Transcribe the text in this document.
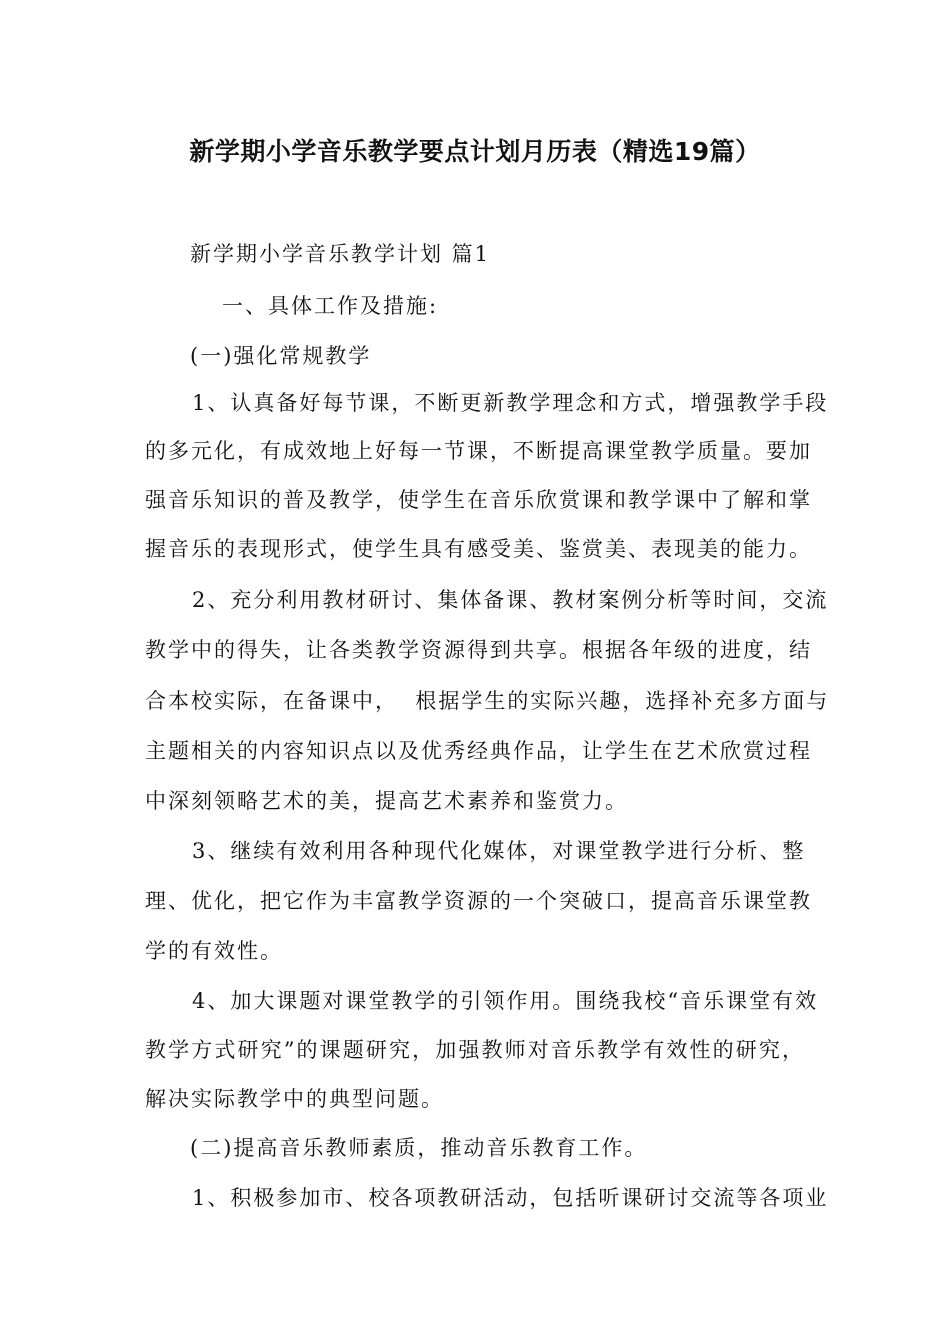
新学期小学音乐教学要点计划月历表（精选19篇）

新学期小学音乐教学计划 篇1

一、具体工作及措施:

(一)强化常规教学

1、认真备好每节课，不断更新教学理念和方式，增强教学手段

的多元化，有成效地上好每一节课，不断提高课堂教学质量。要加

强音乐知识的普及教学，使学生在音乐欣赏课和教学课中了解和掌

握音乐的表现形式，使学生具有感受美、鉴赏美、表现美的能力。

2、充分利用教材研讨、集体备课、教材案例分析等时间，交流

教学中的得失，让各类教学资源得到共享。根据各年级的进度，结

合本校实际，在备课中，  根据学生的实际兴趣，选择补充多方面与

主题相关的内容知识点以及优秀经典作品，让学生在艺术欣赏过程

中深刻领略艺术的美，提高艺术素养和鉴赏力。

3、继续有效利用各种现代化媒体，对课堂教学进行分析、整

理、优化，把它作为丰富教学资源的一个突破口，提高音乐课堂教

学的有效性。

4、加大课题对课堂教学的引领作用。围绕我校“音乐课堂有效

教学方式研究”的课题研究，加强教师对音乐教学有效性的研究，

解决实际教学中的典型问题。

(二)提高音乐教师素质，推动音乐教育工作。

1、积极参加市、校各项教研活动，包括听课研讨交流等各项业
